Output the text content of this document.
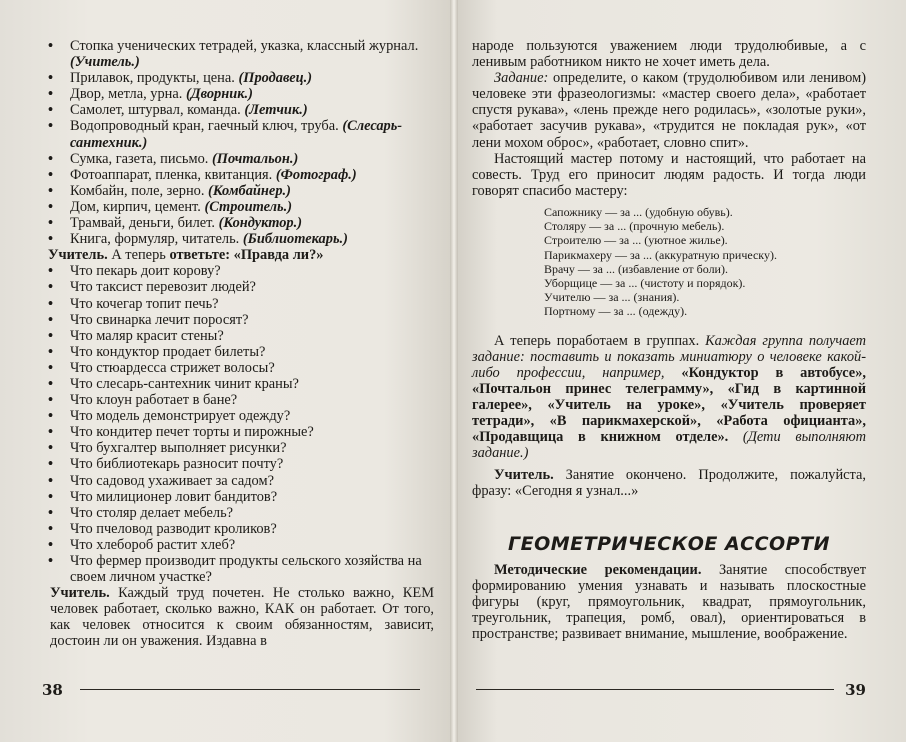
• Стопка ученических тетрадей, указка, классный журнал. (Учитель.)
• Прилавок, продукты, цена. (Продавец.)
• Двор, метла, урна. (Дворник.)
• Самолет, штурвал, команда. (Летчик.)
• Водопроводный кран, гаечный ключ, труба. (Слесарь-сантехник.)
• Сумка, газета, письмо. (Почтальон.)
• Фотоаппарат, пленка, квитанция. (Фотограф.)
• Комбайн, поле, зерно. (Комбайнер.)
• Дом, кирпич, цемент. (Строитель.)
• Трамвай, деньги, билет. (Кондуктор.)
• Книга, формуляр, читатель. (Библиотекарь.)

Учитель. А теперь ответьте: «Правда ли?»

• Что пекарь доит корову?
• Что таксист перевозит людей?
• Что кочегар топит печь?
• Что свинарка лечит поросят?
• Что маляр красит стены?
• Что кондуктор продает билеты?
• Что стюардесса стрижет волосы?
• Что слесарь-сантехник чинит краны?
• Что клоун работает в бане?
• Что модель демонстрирует одежду?
• Что кондитер печет торты и пирожные?
• Что бухгалтер выполняет рисунки?
• Что библиотекарь разносит почту?
• Что садовод ухаживает за садом?
• Что милиционер ловит бандитов?
• Что столяр делает мебель?
• Что пчеловод разводит кроликов?
• Что хлебороб растит хлеб?
• Что фермер производит продукты сельского хозяйства на своем личном участке?

Учитель. Каждый труд почетен. Не столько важно, КЕМ человек работает, сколько важно, КАК он работает. От того, как человек относится к своим обязанностям, зависит, достоин ли он уважения. Издавна в

38

народе пользуются уважением люди трудолюбивые, а с ленивым работником никто не хочет иметь дела.

Задание: определите, о каком (трудолюбивом или ленивом) человеке эти фразеологизмы: «мастер своего дела», «работает спустя рукава», «лень прежде него родилась», «золотые руки», «работает засучив рукава», «трудится не покладая рук», «от лени мохом оброс», «работает, словно спит».

Настоящий мастер потому и настоящий, что работает на совесть. Труд его приносит людям радость. И тогда люди говорят спасибо мастеру:

Сапожнику — за ... (удобную обувь).
Столяру — за ... (прочную мебель).
Строителю — за ... (уютное жилье).
Парикмахеру — за ... (аккуратную прическу).
Врачу — за ... (избавление от боли).
Уборщице — за ... (чистоту и порядок).
Учителю — за ... (знания).
Портному — за ... (одежду).

А теперь поработаем в группах. Каждая группа получает задание: поставить и показать миниатюру о человеке какой-либо профессии, например, «Кондуктор в автобусе», «Почтальон принес телеграмму», «Гид в картинной галерее», «Учитель на уроке», «Учитель проверяет тетради», «В парикмахерской», «Работа официанта», «Продавщица в книжном отделе». (Дети выполняют задание.)

Учитель. Занятие окончено. Продолжите, пожалуйста, фразу: «Сегодня я узнал...»

ГЕОМЕТРИЧЕСКОЕ АССОРТИ

Методические рекомендации. Занятие способствует формированию умения узнавать и называть плоскостные фигуры (круг, прямоугольник, квадрат, прямоугольник, треугольник, трапеция, ромб, овал), ориентироваться в пространстве; развивает внимание, мышление, воображение.

39
